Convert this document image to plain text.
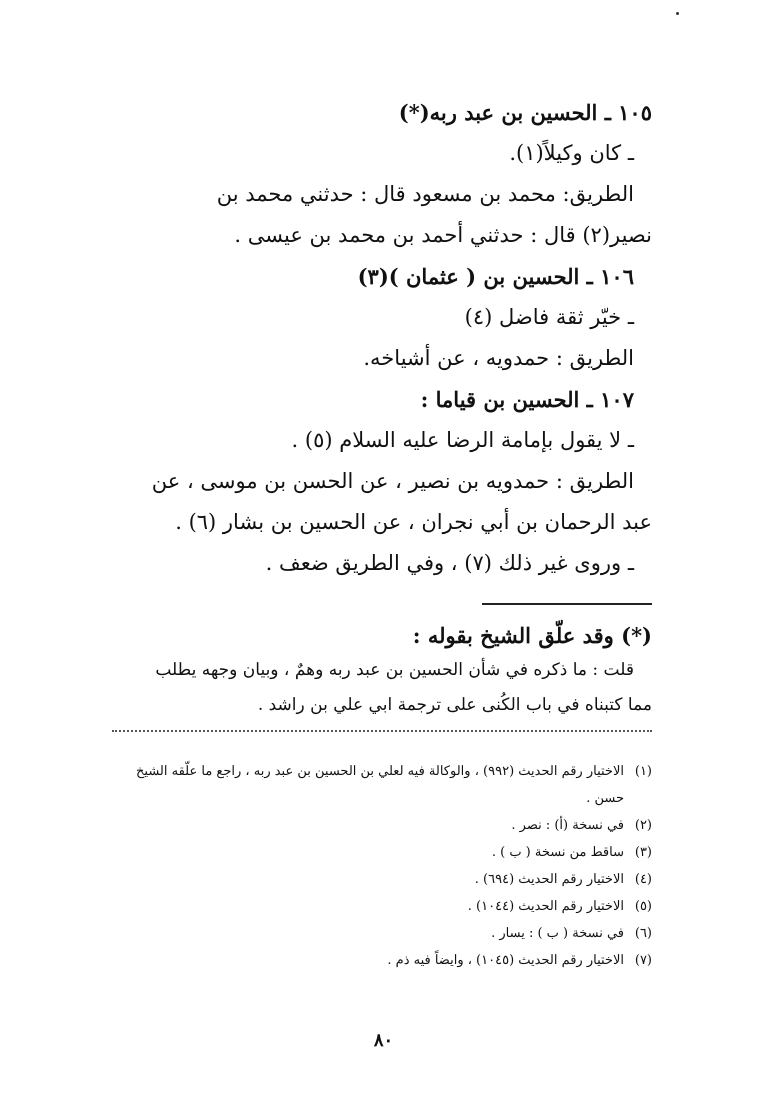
١٠٥ ـ الحسين بن عبد ربه(*)

ـ كان وكيلاً(١).

الطريق: محمد بن مسعود قال : حدثني محمد بن

نصير(٢) قال : حدثني أحمد بن محمد بن عيسى .

١٠٦ ـ الحسين بن ( عثمان )(٣)

ـ خيّر ثقة فاضل (٤)

الطريق : حمدويه ، عن أشياخه.

١٠٧ ـ الحسين بن قياما :

ـ لا يقول بإمامة الرضا عليه السلام (٥) .

الطريق : حمدويه بن نصير ، عن الحسن بن موسى ، عن

عبد الرحمان بن أبي نجران ، عن الحسين بن بشار (٦) .

ـ وروى غير ذلك (٧) ، وفي الطريق ضعف .

(*) وقد علّق الشيخ بقوله :

قلت : ما ذكره في شأن الحسين بن عبد ربه وهمٌ ، وبيان وجهه يطلب

مما كتبناه في باب الكُنى على ترجمة ابي علي بن راشد .

(١)
الاختيار رقم الحديث (٩٩٢) ، والوكالة فيه لعلي بن الحسين بن عبد ربه ، راجع ما علّقه الشيخ حسن .
(٢)
في نسخة (أ) : نصر .
(٣)
ساقط من نسخة ( ب ) .
(٤)
الاختيار رقم الحديث (٦٩٤) .
(٥)
الاختيار رقم الحديث (١٠٤٤) .
(٦)
في نسخة ( ب ) : يسار .
(٧)
الاختيار رقم الحديث (١٠٤٥) ، وايضاً فيه ذم .
٨٠
